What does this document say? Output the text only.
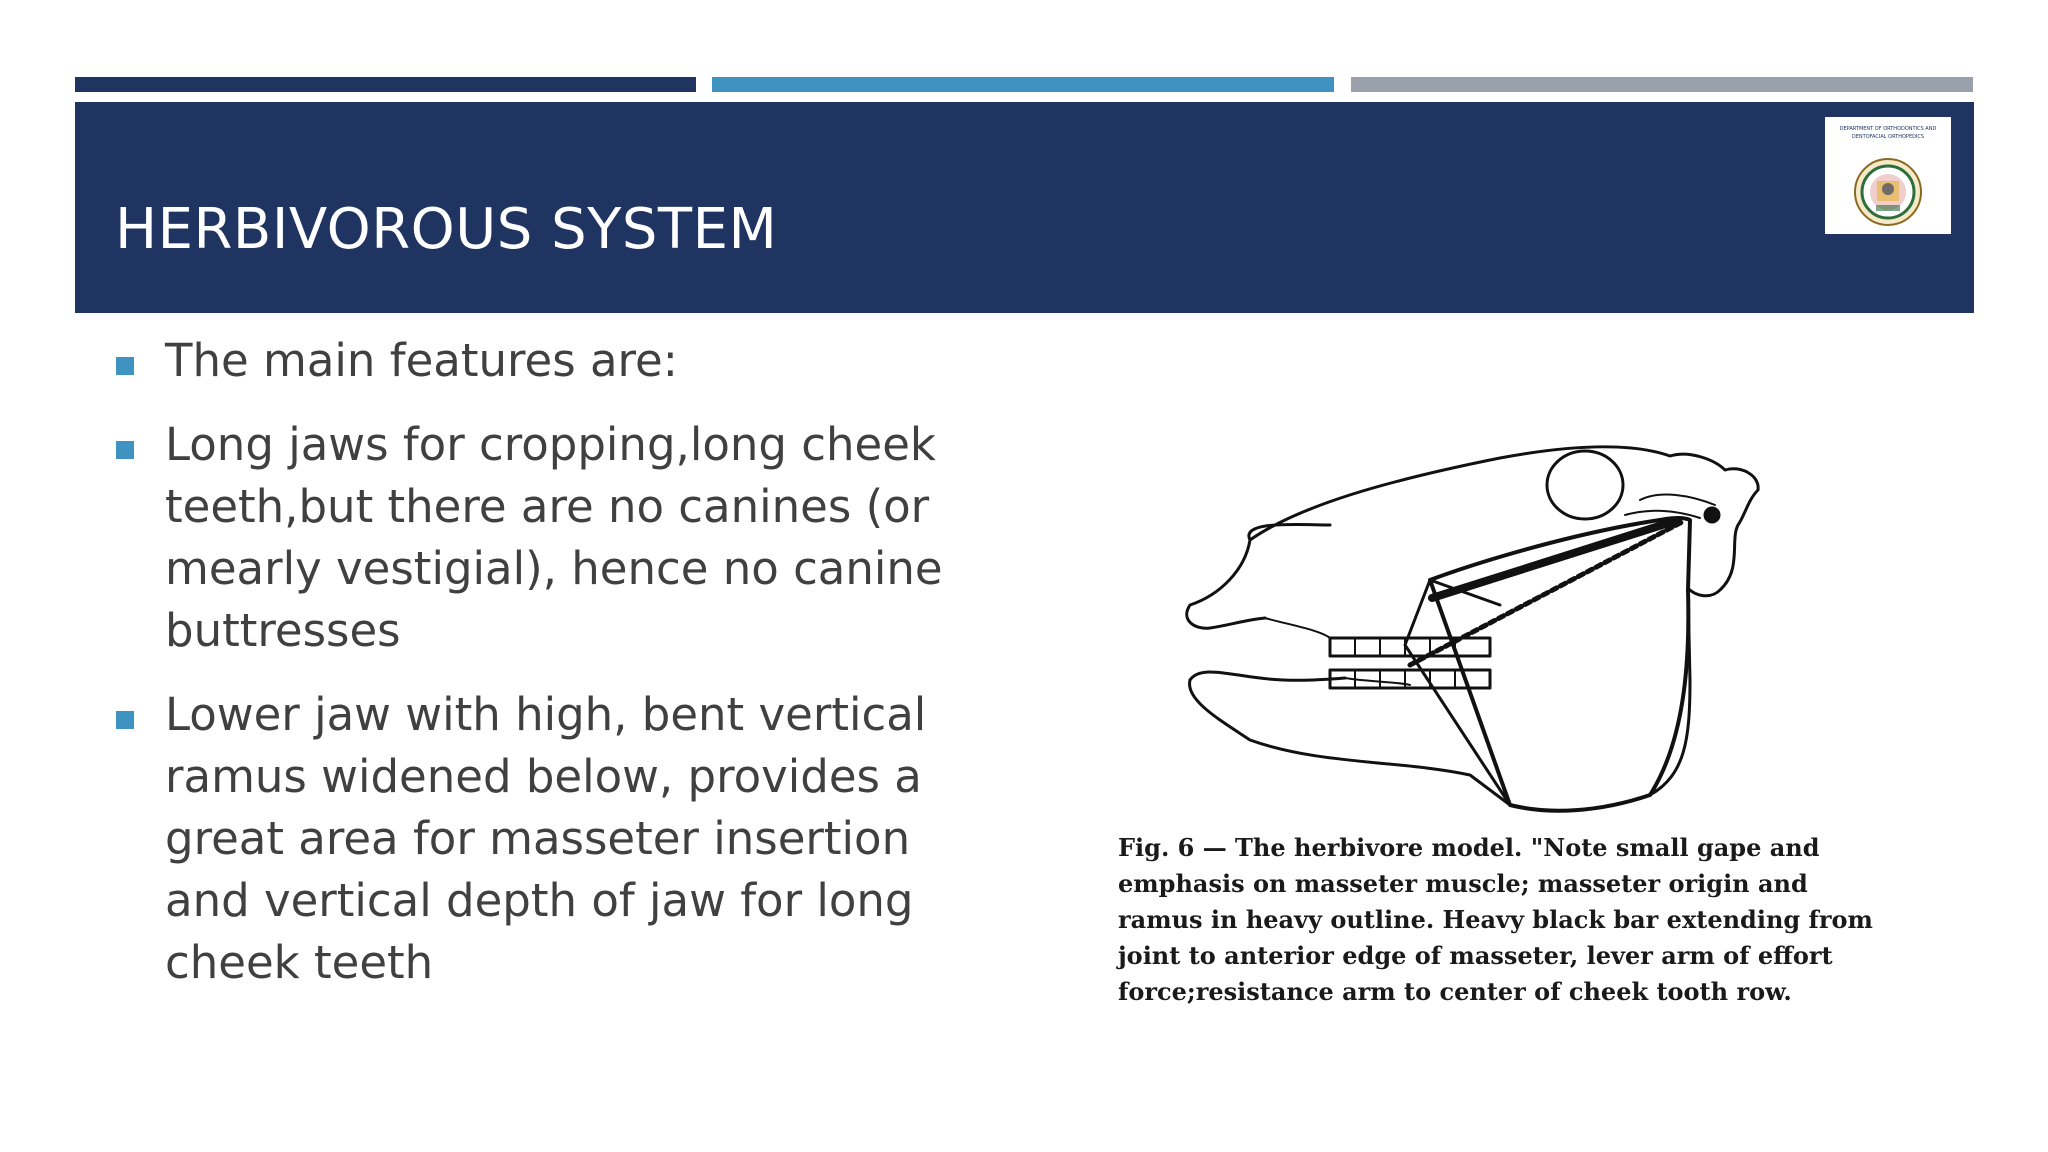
HERBIVOROUS SYSTEM
DEPARTMENT OF ORTHODONTICS AND DENTOFACIAL ORTHOPEDICS
The main features are:
Long jaws for cropping,long cheek teeth,but there are no canines (or mearly vestigial), hence no canine buttresses
Lower jaw with high, bent vertical ramus widened below, provides a great area for masseter insertion and vertical depth of jaw for long cheek teeth
Fig. 6 — The herbivore model. "Note small gape and emphasis on masseter muscle; masseter origin and ramus in heavy outline. Heavy black bar extending from joint to anterior edge of masseter, lever arm of effort force;resistance arm to center of cheek tooth row.
